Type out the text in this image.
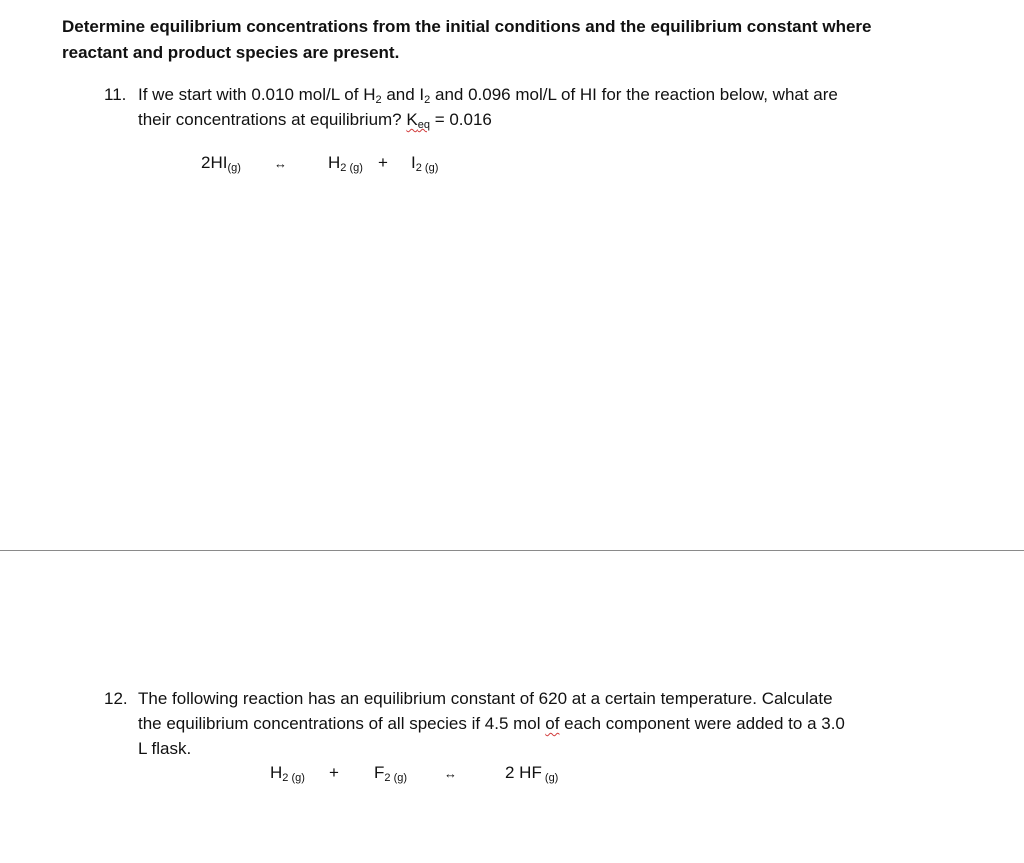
Determine equilibrium concentrations from the initial conditions and the equilibrium constant where
reactant and product species are present.
11. If we start with 0.010 mol/L of $H_2$ and $I_2$ and 0.096 mol/L of HI for the reaction below, what are
their concentrations at equilibrium? $K_{eq} = 0.016$
2HI(g)	↔ $H_2$ $(g) + I_2$ (g)
12. The following reaction has an equilibrium constant of 620 at a certain temperature. Calculate
the equilibrium concentrations of all species if 4.5 mol of each component were added to a 3.0
L flask.
$H_2$ $(g) + F_2$ (g)	↔	2 HF (g)
